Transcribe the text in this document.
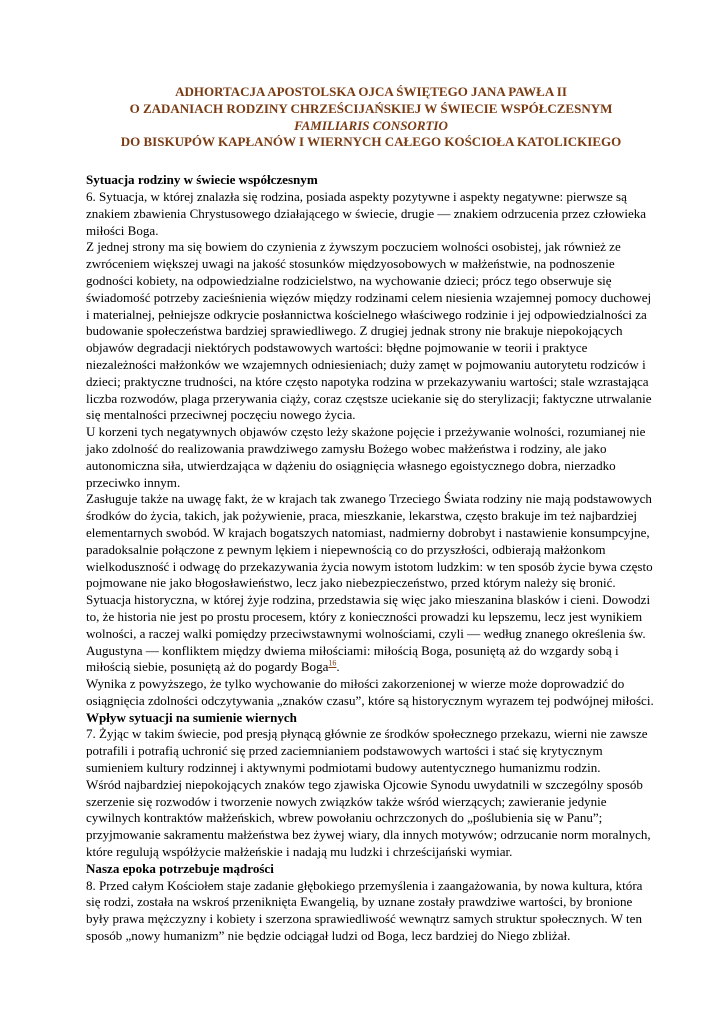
ADHORTACJA APOSTOLSKA OJCA ŚWIĘTEGO JANA PAWŁA II
O ZADANIACH RODZINY CHRZEŚCIJAŃSKIEJ W ŚWIECIE WSPÓŁCZESNYM
FAMILIARIS CONSORTIO
DO BISKUPÓW KAPŁANÓW I WIERNYCH CAŁEGO KOŚCIOŁA KATOLICKIEGO
Sytuacja rodziny w świecie współczesnym

6. Sytuacja, w której znalazła się rodzina, posiada aspekty pozytywne i aspekty negatywne: pierwsze są znakiem zbawienia Chrystusowego działającego w świecie, drugie — znakiem odrzucenia przez człowieka miłości Boga.

Z jednej strony ma się bowiem do czynienia z żywszym poczuciem wolności osobistej, jak również ze zwróceniem większej uwagi na jakość stosunków międzyosobowych w małżeństwie, na podnoszenie godności kobiety, na odpowiedzialne rodzicielstwo, na wychowanie dzieci; prócz tego obserwuje się świadomość potrzeby zacieśnienia więzów między rodzinami celem niesienia wzajemnej pomocy duchowej i materialnej, pełniejsze odkrycie posłannictwa kościelnego właściwego rodzinie i jej odpowiedzialności za budowanie społeczeństwa bardziej sprawiedliwego. Z drugiej jednak strony nie brakuje niepokojących objawów degradacji niektórych podstawowych wartości: błędne pojmowanie w teorii i praktyce niezależności małżonków we wzajemnych odniesieniach; duży zamęt w pojmowaniu autorytetu rodziców i dzieci; praktyczne trudności, na które często napotyka rodzina w przekazywaniu wartości; stale wzrastająca liczba rozwodów, plaga przerywania ciąży, coraz częstsze uciekanie się do sterylizacji; faktyczne utrwalanie się mentalności przeciwnej poczęciu nowego życia.

U korzeni tych negatywnych objawów często leży skażone pojęcie i przeżywanie wolności, rozumianej nie jako zdolność do realizowania prawdziwego zamysłu Bożego wobec małżeństwa i rodziny, ale jako autonomiczna siła, utwierdzająca w dążeniu do osiągnięcia własnego egoistycznego dobra, nierzadko przeciwko innym.

Zasługuje także na uwagę fakt, że w krajach tak zwanego Trzeciego Świata rodziny nie mają podstawowych środków do życia, takich, jak pożywienie, praca, mieszkanie, lekarstwa, często brakuje im też najbardziej elementarnych swobód. W krajach bogatszych natomiast, nadmierny dobrobyt i nastawienie konsumpcyjne, paradoksalnie połączone z pewnym lękiem i niepewnością co do przyszłości, odbierają małżonkom wielkoduszność i odwagę do przekazywania życia nowym istotom ludzkim: w ten sposób życie bywa często pojmowane nie jako błogosławieństwo, lecz jako niebezpieczeństwo, przed którym należy się bronić.

Sytuacja historyczna, w której żyje rodzina, przedstawia się więc jako mieszanina blasków i cieni. Dowodzi to, że historia nie jest po prostu procesem, który z konieczności prowadzi ku lepszemu, lecz jest wynikiem wolności, a raczej walki pomiędzy przeciwstawnymi wolnościami, czyli — według znanego określenia św. Augustyna — konfliktem między dwiema miłościami: miłością Boga, posuniętą aż do wzgardy sobą i miłością siebie, posuniętą aż do pogardy Boga$^{16}$.

Wynika z powyższego, że tylko wychowanie do miłości zakorzenionej w wierze może doprowadzić do osiągnięcia zdolności odczytywania „znaków czasu”, które są historycznym wyrazem tej podwójnej miłości.

Wpływ sytuacji na sumienie wiernych

7. Żyjąc w takim świecie, pod presją płynącą głównie ze środków społecznego przekazu, wierni nie zawsze potrafili i potrafią uchronić się przed zaciemnianiem podstawowych wartości i stać się krytycznym sumieniem kultury rodzinnej i aktywnymi podmiotami budowy autentycznego humanizmu rodzin.

Wśród najbardziej niepokojących znaków tego zjawiska Ojcowie Synodu uwydatnili w szczególny sposób szerzenie się rozwodów i tworzenie nowych związków także wśród wierzących; zawieranie jedynie cywilnych kontraktów małżeńskich, wbrew powołaniu ochrzczonych do „poślubienia się w Panu”; przyjmowanie sakramentu małżeństwa bez żywej wiary, dla innych motywów; odrzucanie norm moralnych, które regulują współżycie małżeńskie i nadają mu ludzki i chrześcijański wymiar.

Nasza epoka potrzebuje mądrości

8. Przed całym Kościołem staje zadanie głębokiego przemyślenia i zaangażowania, by nowa kultura, która się rodzi, została na wskroś przeniknięta Ewangelią, by uznane zostały prawdziwe wartości, by bronione były prawa mężczyzny i kobiety i szerzona sprawiedliwość wewnątrz samych struktur społecznych. W ten sposób „nowy humanizm” nie będzie odciągał ludzi od Boga, lecz bardziej do Niego zbliżał.
